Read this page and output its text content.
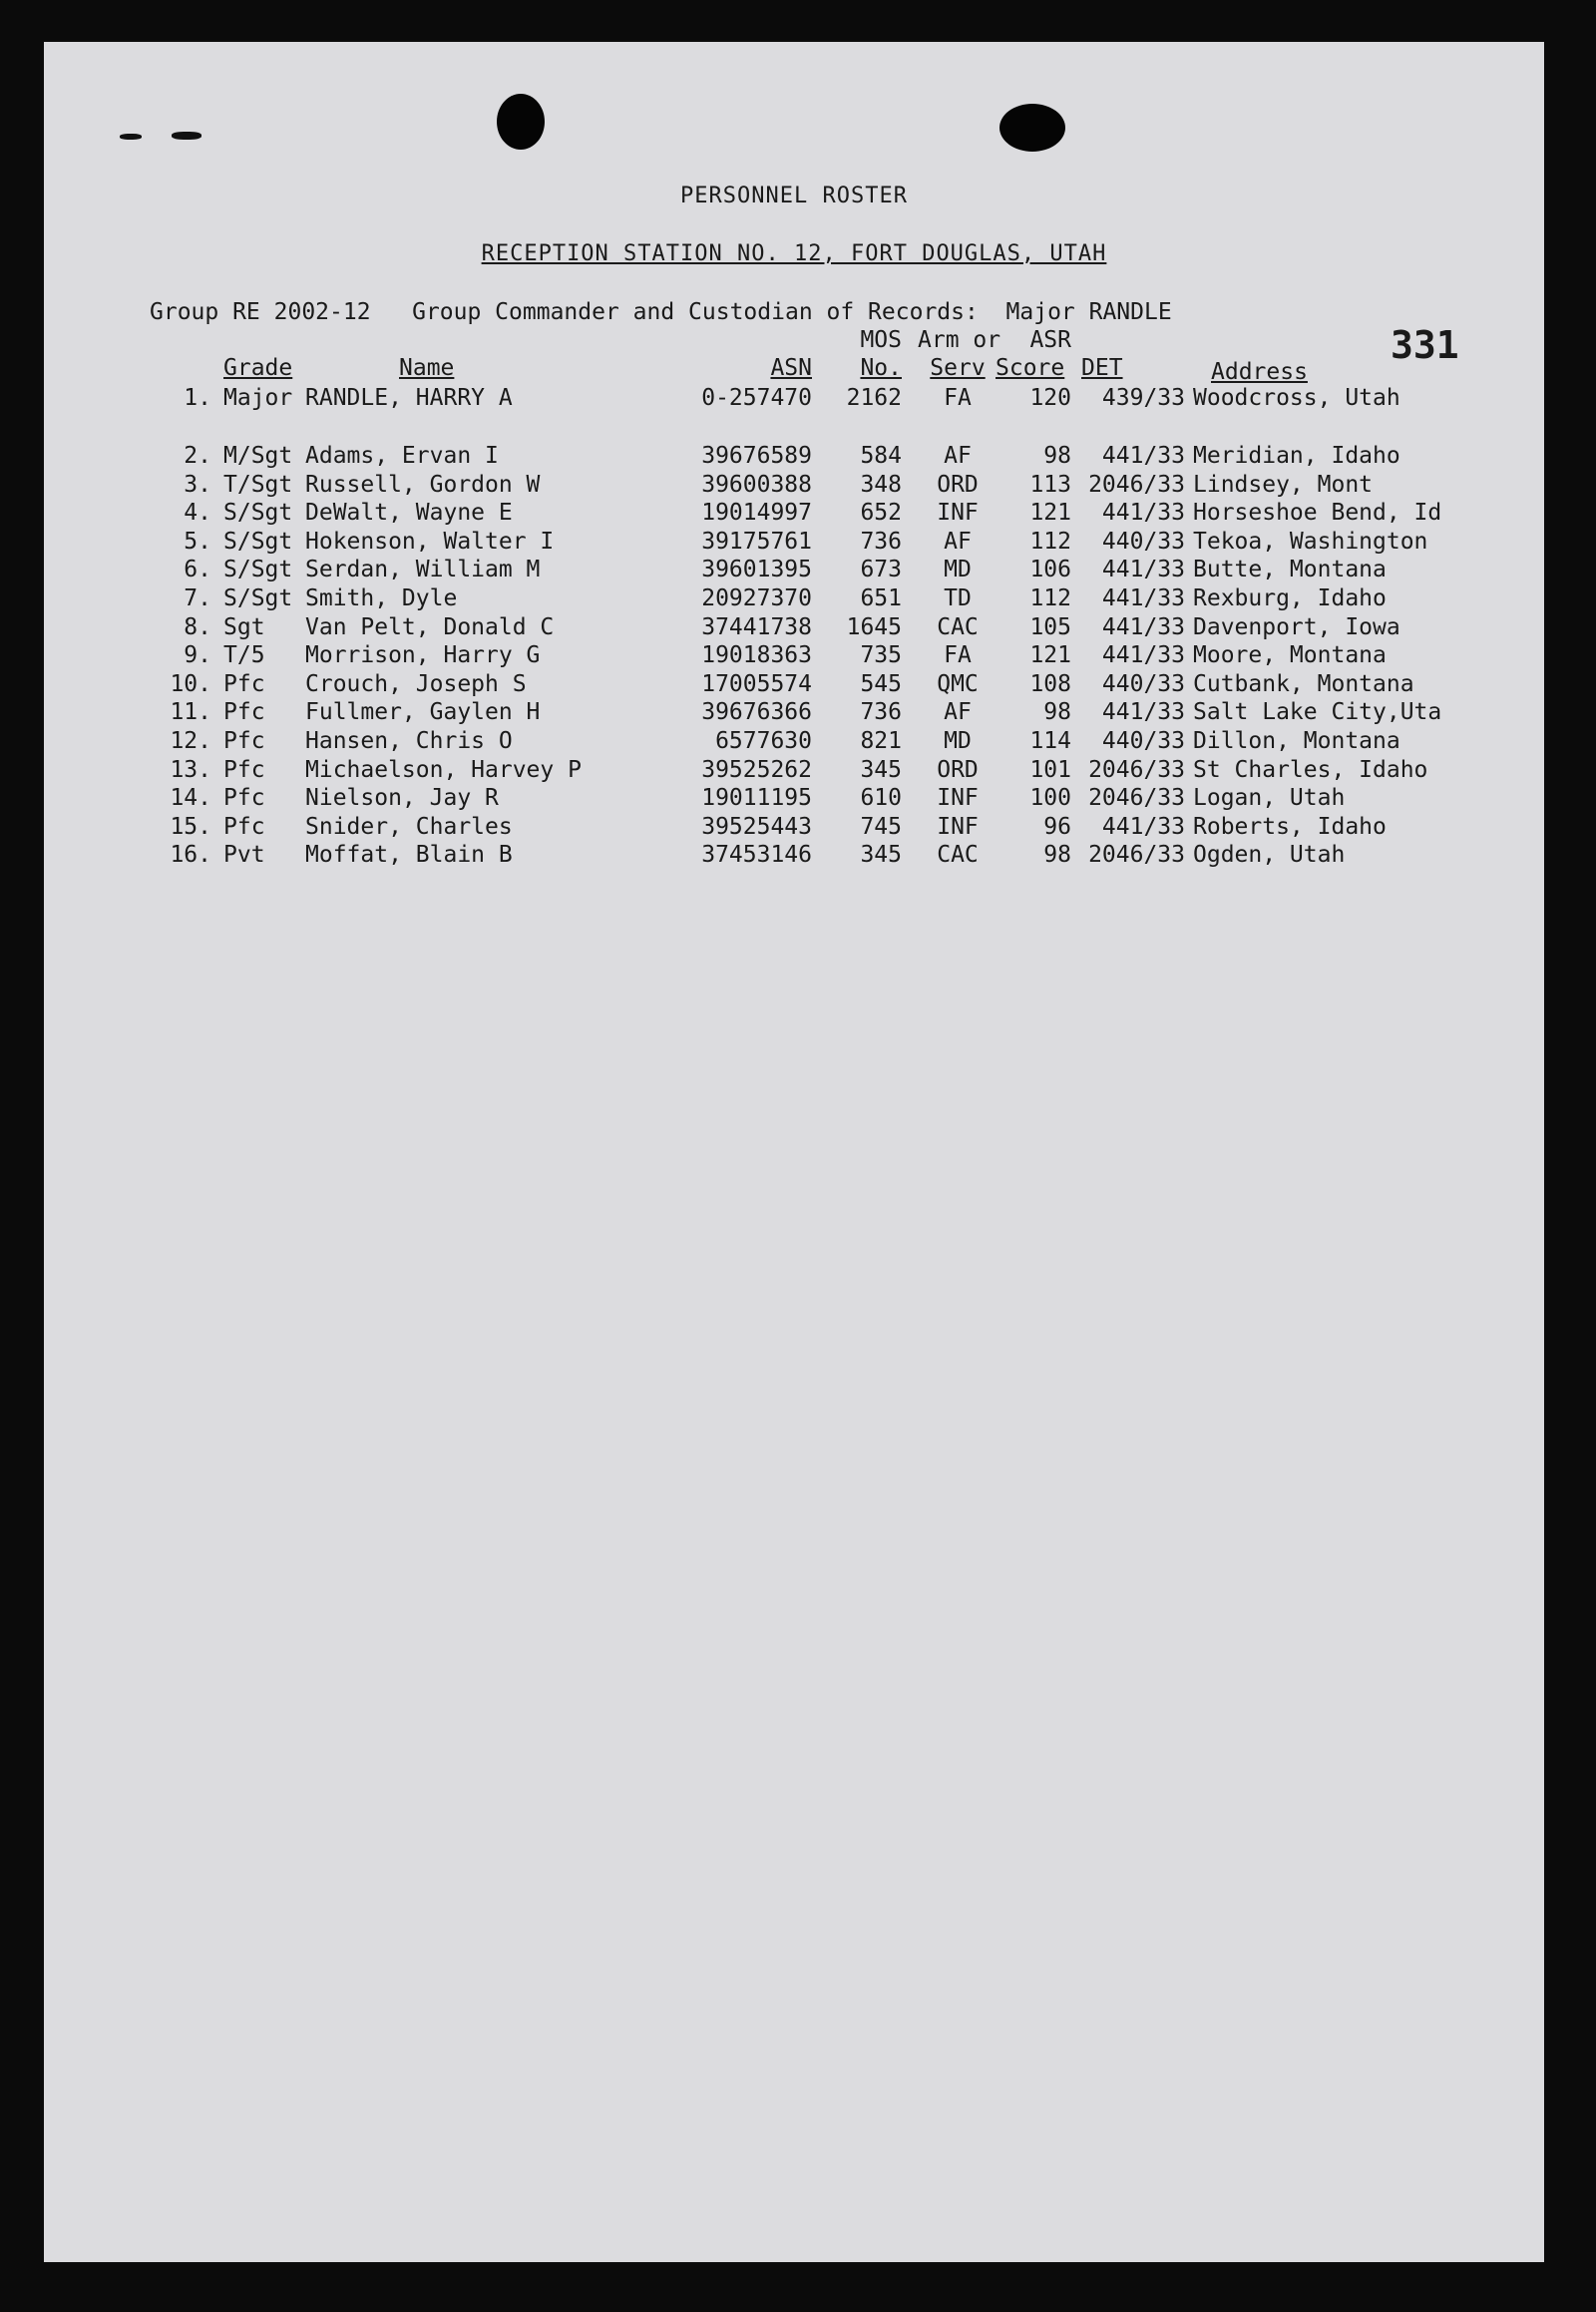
PERSONNEL ROSTER
RECEPTION STATION NO. 12, FORT DOUGLAS, UTAH
Group RE 2002-12   Group Commander and Custodian of Records:  Major RANDLE
331
MOS Arm or	ASR
Grade	Name	ASN	No.	Serv Score DET	Address
1. Major RANDLE, HARRY A	0-257470	2162	FA	120	439/33 Woodcross, Utah
2. M/Sgt Adams, Ervan I	39676589	584	AF	98	441/33 Meridian, Idaho
3. T/Sgt Russell, Gordon W	39600388	348	ORD	113 2046/33 Lindsey, Mont
4. S/Sgt DeWalt, Wayne E	19014997	652	INF	121	441/33 Horseshoe Bend, Id
5. S/Sgt Hokenson, Walter I	39175761	736	AF	112	440/33 Tekoa, Washington
6. S/Sgt Serdan, William M	39601395	673	MD	106	441/33 Butte, Montana
7. S/Sgt Smith, Dyle	20927370	651	TD	112	441/33 Rexburg, Idaho
8. Sgt Van Pelt, Donald C	37441738	1645	CAC	105	441/33 Davenport, Iowa
9. T/5 Morrison, Harry G	19018363	735	FA	121	441/33 Moore, Montana
10. Pfc Crouch, Joseph S	17005574	545	QMC	108	440/33 Cutbank, Montana
11. Pfc Fullmer, Gaylen H	39676366	736	AF	98	441/33 Salt Lake City,Uta
12. Pfc Hansen, Chris O	6577630	821	MD	114	440/33 Dillon, Montana
13. Pfc Michaelson, Harvey P	39525262	345	ORD	101 2046/33 St Charles, Idaho
14. Pfc Nielson, Jay R	19011195	610	INF	100 2046/33 Logan, Utah
15. Pfc Snider, Charles	39525443	745	INF	96	441/33 Roberts, Idaho
16. Pvt Moffat, Blain B	37453146	345	CAC	98 2046/33 Ogden, Utah
